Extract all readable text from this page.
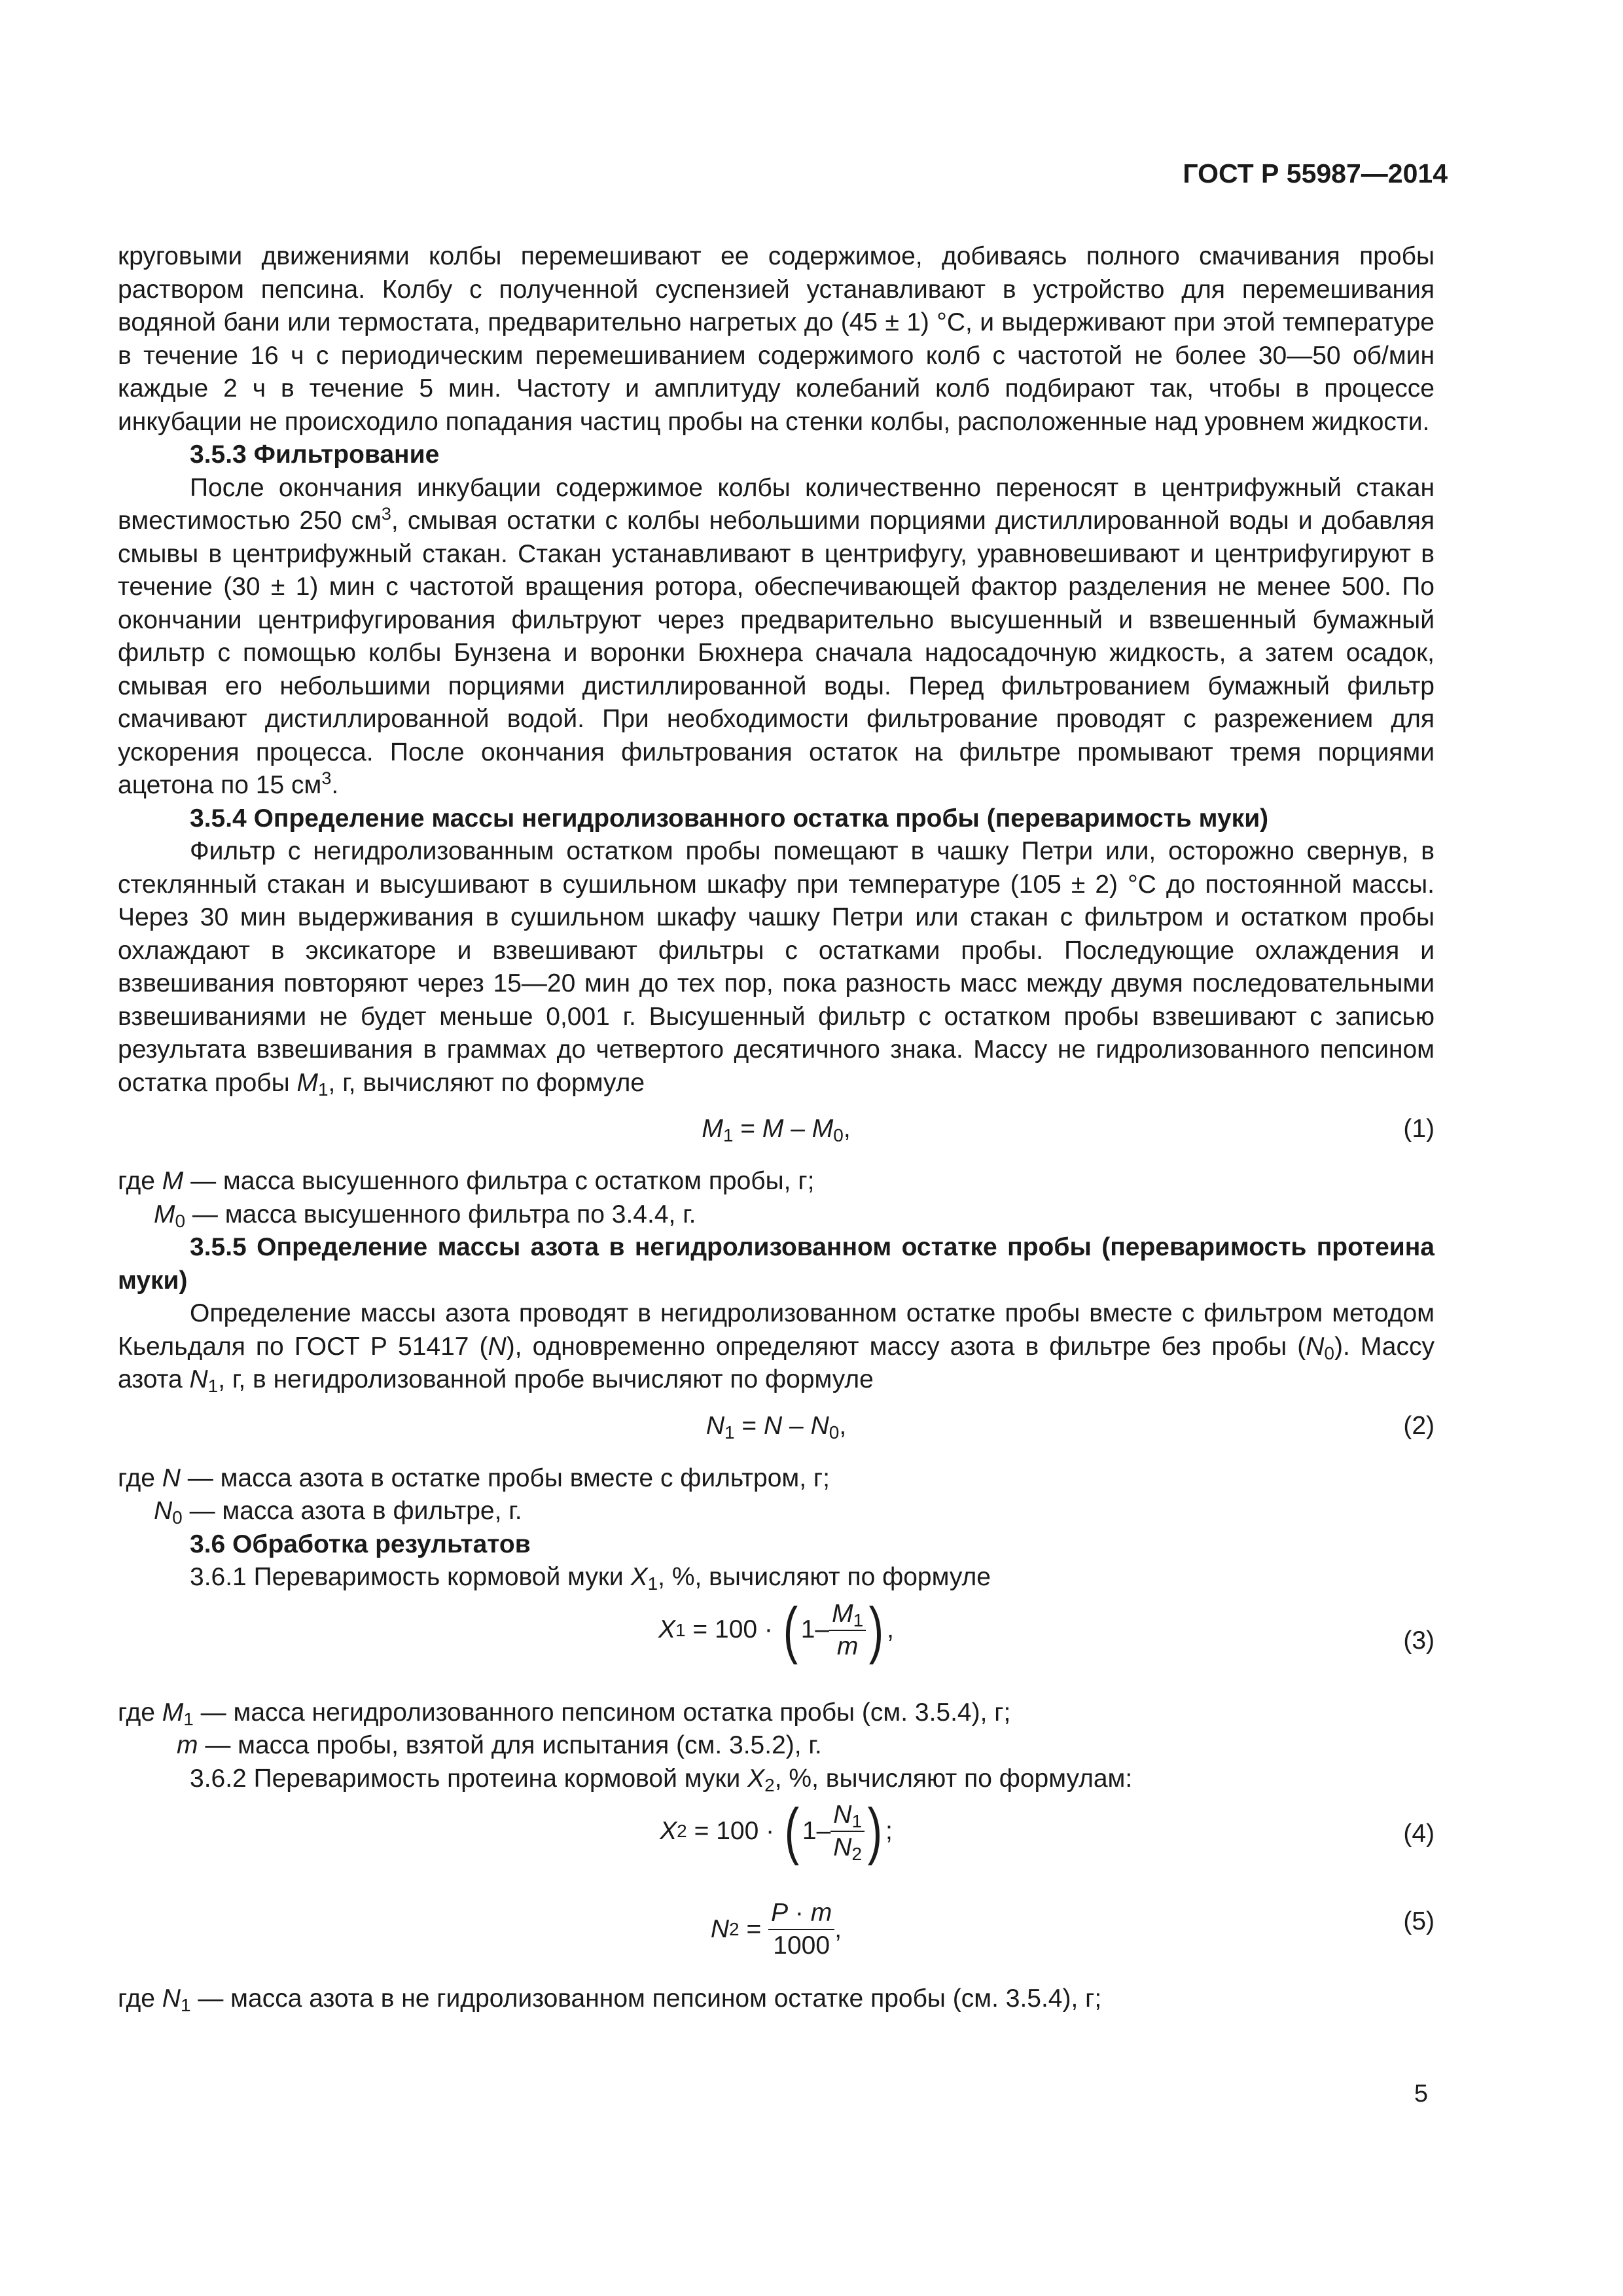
ГОСТ Р 55987—2014

круговыми движениями колбы перемешивают ее содержимое, добиваясь полного смачивания пробы раствором пепсина. Колбу с полученной суспензией устанавливают в устройство для перемешивания водяной бани или термостата, предварительно нагретых до (45 ± 1) °С, и выдерживают при этой температуре в течение 16 ч с периодическим перемешиванием содержимого колб с частотой не более 30—50 об/мин каждые 2 ч в течение 5 мин. Частоту и амплитуду колебаний колб подбирают так, чтобы в процессе инкубации не происходило попадания частиц пробы на стенки колбы, расположенные над уровнем жидкости.

3.5.3 Фильтрование

После окончания инкубации содержимое колбы количественно переносят в центрифужный стакан вместимостью 250 $см^3$, смывая остатки с колбы небольшими порциями дистиллированной воды и добавляя смывы в центрифужный стакан. Стакан устанавливают в центрифугу, уравновешивают и центрифугируют в течение (30 ± 1) мин с частотой вращения ротора, обеспечивающей фактор разделения не менее 500. По окончании центрифугирования фильтруют через предварительно высушенный и взвешенный бумажный фильтр с помощью колбы Бунзена и воронки Бюхнера сначала надосадочную жидкость, а затем осадок, смывая его небольшими порциями дистиллированной воды. Перед фильтрованием бумажный фильтр смачивают дистиллированной водой. При необходимости фильтрование проводят с разрежением для ускорения процесса. После окончания фильтрования остаток на фильтре промывают тремя порциями ацетона по 15 $см^3$.

3.5.4 Определение массы негидролизованного остатка пробы (переваримость муки)

Фильтр с негидролизованным остатком пробы помещают в чашку Петри или, осторожно свернув, в стеклянный стакан и высушивают в сушильном шкафу при температуре (105 ± 2) °С до постоянной массы. Через 30 мин выдерживания в сушильном шкафу чашку Петри или стакан с фильтром и остатком пробы охлаждают в эксикаторе и взвешивают фильтры с остатками пробы. Последующие охлаждения и взвешивания повторяют через 15—20 мин до тех пор, пока разность масс между двумя последовательными взвешиваниями не будет меньше 0,001 г. Высушенный фильтр с остатком пробы взвешивают с записью результата взвешивания в граммах до четвертого десятичного знака. Массу не гидролизованного пепсином остатка пробы $M_1$, г, вычисляют по формуле

$M_1 = M - M_0$,	(1)

где M — масса высушенного фильтра с остатком пробы, г;

$M_0$ — масса высушенного фильтра по 3.4.4, г.

3.5.5 Определение массы азота в негидролизованном остатке пробы (переваримость протеина муки)

Определение массы азота проводят в негидролизованном остатке пробы вместе с фильтром методом Кьельдаля по ГОСТ Р 51417 (N), одновременно определяют массу азота в фильтре без пробы $(N_0)$. Массу азота $N_1$, г, в негидролизованной пробе вычисляют по формуле

$N_1 = N - N_0$,	(2)

где N — масса азота в остатке пробы вместе с фильтром, г;

$N_0$ — масса азота в фильтре, г.

3.6 Обработка результатов

3.6.1 Переваримость кормовой муки $X_1$, %, вычисляют по формуле

X 1
= 100 ·
( $1- \frac{M_1}{m}$ ) ,	(3)

где $M_1$ — масса негидролизованного пепсином остатка пробы (см. 3.5.4), г;

m — масса пробы, взятой для испытания (см. 3.5.2), г.

3.6.2 Переваримость протеина кормовой муки $X_2$, %, вычисляют по формулам:

X 2
= 100 ·
( $1- \frac{N_1}{N_2}$ ) ;	(4)
N $2 = \frac{P \cdot m}{1000}$ ,	(5)

где $N_1$ — масса азота в не гидролизованном пепсином остатке пробы (см. 3.5.4), г;

5
